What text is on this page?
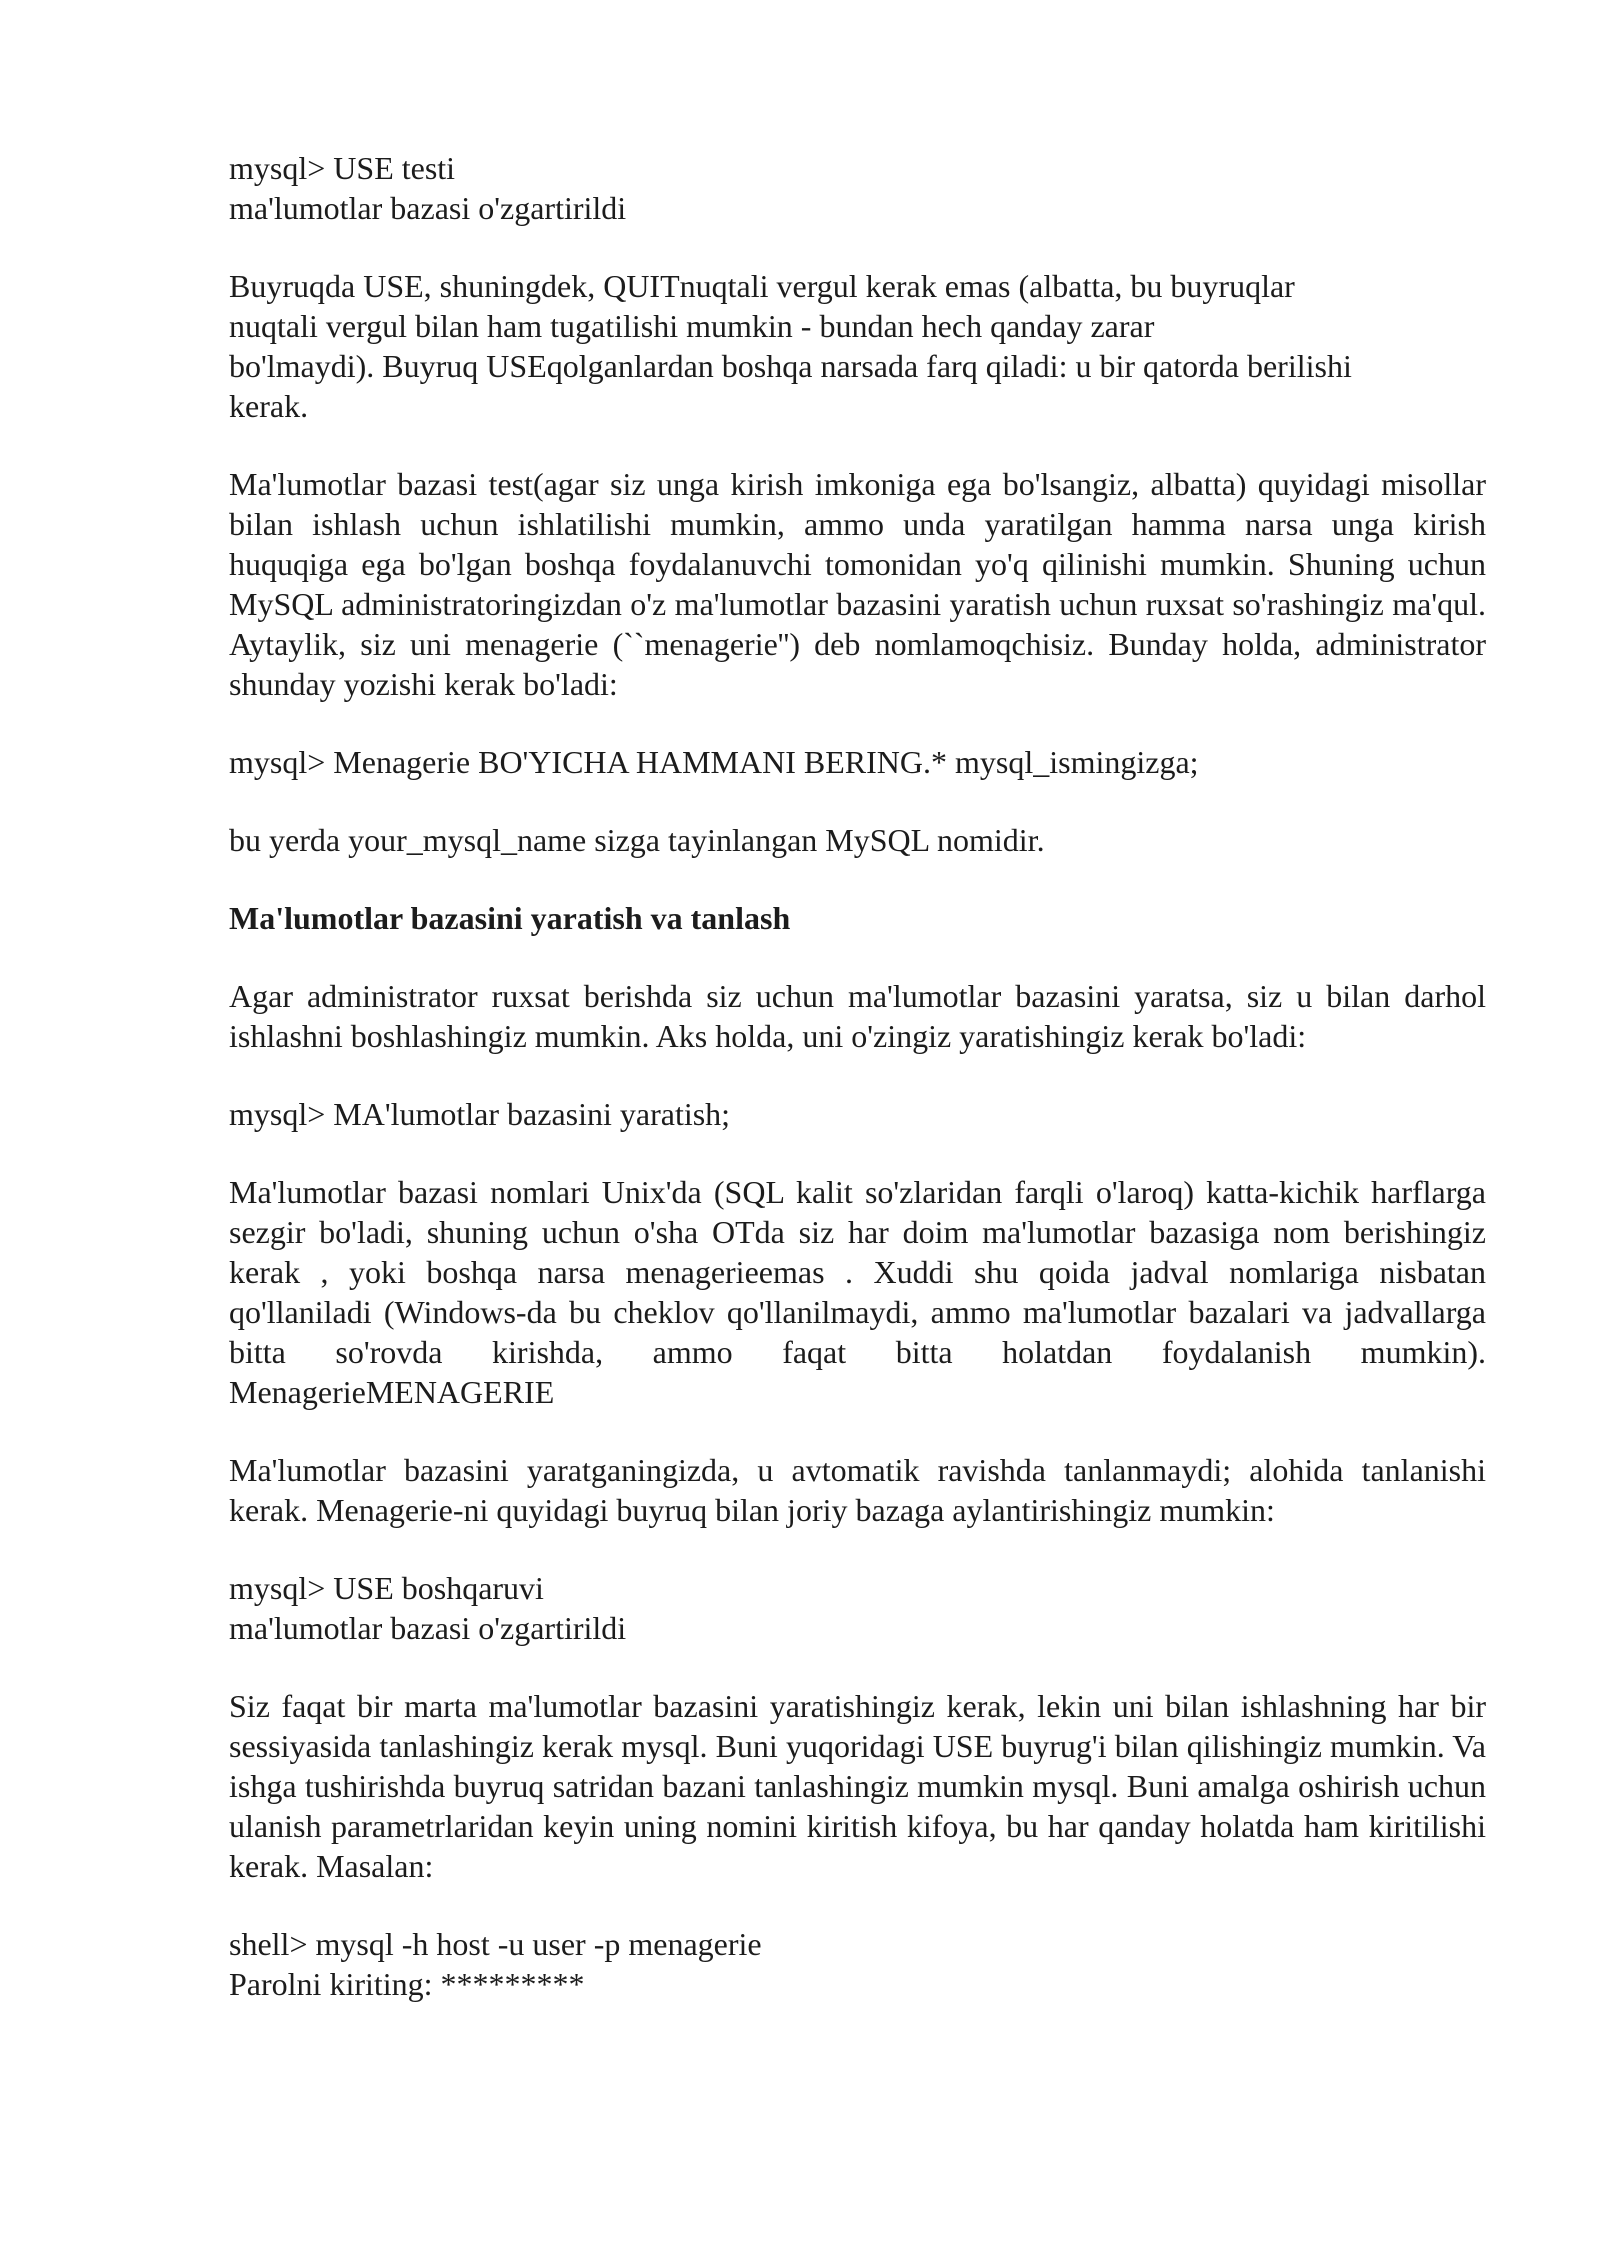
mysql> USE testi
ma'lumotlar bazasi o'zgartirildi
Buyruqda USE, shuningdek, QUITnuqtali vergul kerak emas (albatta, bu buyruqlar
nuqtali vergul bilan ham tugatilishi mumkin - bundan hech qanday zarar
bo'lmaydi). Buyruq USEqolganlardan boshqa narsada farq qiladi: u bir qatorda berilishi
kerak.

Ma'lumotlar bazasi test(agar siz unga kirish imkoniga ega bo'lsangiz, albatta) quyidagi misollar bilan ishlash uchun ishlatilishi mumkin, ammo unda yaratilgan hamma narsa unga kirish huquqiga ega bo'lgan boshqa foydalanuvchi tomonidan yo'q qilinishi mumkin. Shuning uchun MySQL administratoringizdan o'z ma'lumotlar bazasini yaratish uchun ruxsat so'rashingiz ma'qul. Aytaylik, siz uni menagerie (``menagerie'') deb nomlamoqchisiz. Bunday holda, administrator shunday yozishi kerak bo'ladi:

mysql> Menagerie BO'YICHA HAMMANI BERING.* mysql_ismingizga;
bu yerda your_mysql_name sizga tayinlangan MySQL nomidir.
Ma'lumotlar bazasini yaratish va tanlash

Agar administrator ruxsat berishda siz uchun ma'lumotlar bazasini yaratsa, siz u bilan darhol ishlashni boshlashingiz mumkin. Aks holda, uni o'zingiz yaratishingiz kerak bo'ladi:

mysql> MA'lumotlar bazasini yaratish;

Ma'lumotlar bazasi nomlari Unix'da (SQL kalit so'zlaridan farqli o'laroq) katta-kichik harflarga sezgir bo'ladi, shuning uchun o'sha OTda siz har doim ma'lumotlar bazasiga nom berishingiz kerak , yoki boshqa narsa menagerieemas . Xuddi shu qoida jadval nomlariga nisbatan qo'llaniladi (Windows-da bu cheklov qo'llanilmaydi, ammo ma'lumotlar bazalari va jadvallarga bitta so'rovda kirishda, ammo faqat bitta holatdan foydalanish mumkin). MenagerieMENAGERIE

Ma'lumotlar bazasini yaratganingizda, u avtomatik ravishda tanlanmaydi; alohida tanlanishi kerak. Menagerie-ni quyidagi buyruq bilan joriy bazaga aylantirishingiz mumkin:

mysql> USE boshqaruvi
ma'lumotlar bazasi o'zgartirildi

Siz faqat bir marta ma'lumotlar bazasini yaratishingiz kerak, lekin uni bilan ishlashning har bir sessiyasida tanlashingiz kerak mysql. Buni yuqoridagi USE buyrug'i bilan qilishingiz mumkin. Va ishga tushirishda buyruq satridan bazani tanlashingiz mumkin mysql. Buni amalga oshirish uchun ulanish parametrlaridan keyin uning nomini kiritish kifoya, bu har qanday holatda ham kiritilishi kerak. Masalan:

shell> mysql -h host -u user -p menagerie
Parolni kiriting: *********
